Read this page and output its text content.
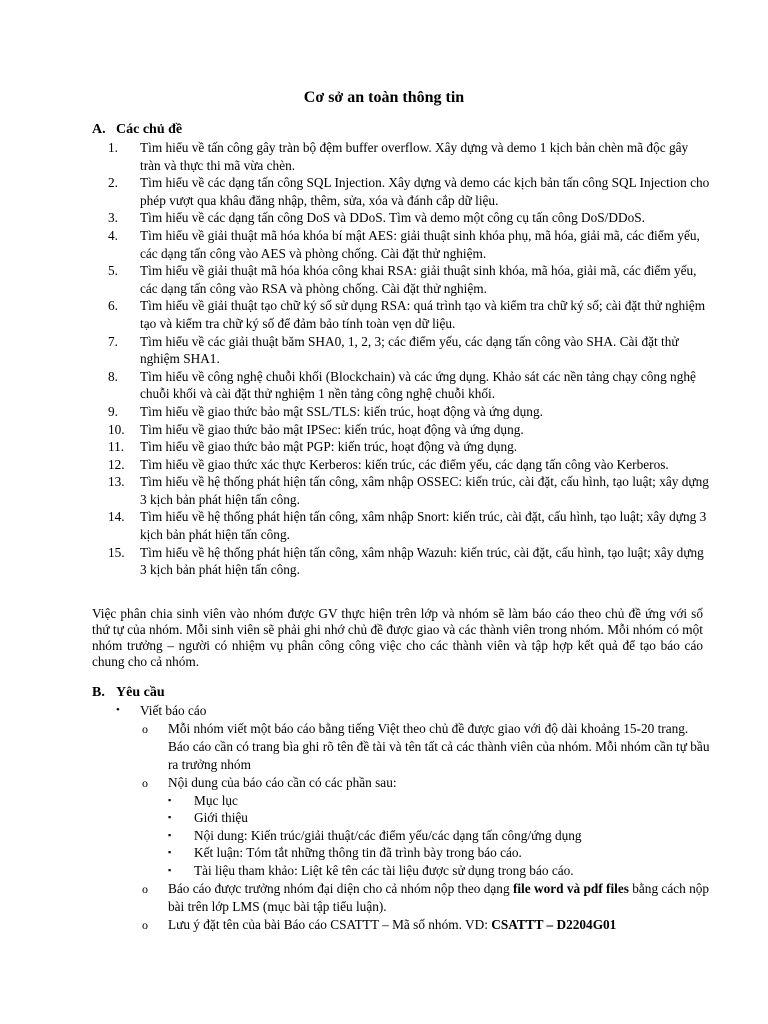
Cơ sở an toàn thông tin
A. Các chủ đề
1. Tìm hiểu về tấn công gây tràn bộ đệm buffer overflow. Xây dựng và demo 1 kịch bản chèn mã độc gây tràn và thực thi mã vừa chèn.
2. Tìm hiểu về các dạng tấn công SQL Injection. Xây dựng và demo các kịch bản tấn công SQL Injection cho phép vượt qua khâu đăng nhập, thêm, sửa, xóa và đánh cắp dữ liệu.
3. Tìm hiểu về các dạng tấn công DoS và DDoS. Tìm và demo một công cụ tấn công DoS/DDoS.
4. Tìm hiểu về giải thuật mã hóa khóa bí mật AES: giải thuật sinh khóa phụ, mã hóa, giải mã, các điểm yếu, các dạng tấn công vào AES và phòng chống. Cài đặt thử nghiệm.
5. Tìm hiểu về giải thuật mã hóa khóa công khai RSA: giải thuật sinh khóa, mã hóa, giải mã, các điểm yếu, các dạng tấn công vào RSA và phòng chống. Cài đặt thử nghiệm.
6. Tìm hiểu về giải thuật tạo chữ ký số sử dụng RSA: quá trình tạo và kiểm tra chữ ký số; cài đặt thử nghiệm tạo và kiểm tra chữ ký số để đảm bảo tính toàn vẹn dữ liệu.
7. Tìm hiểu về các giải thuật băm SHA0, 1, 2, 3; các điểm yếu, các dạng tấn công vào SHA. Cài đặt thử nghiệm SHA1.
8. Tìm hiểu về công nghệ chuỗi khối (Blockchain) và các ứng dụng. Khảo sát các nền tảng chạy công nghệ chuỗi khối và cài đặt thử nghiệm 1 nền tảng công nghệ chuỗi khối.
9. Tìm hiểu về giao thức bảo mật SSL/TLS: kiến trúc, hoạt động và ứng dụng.
10. Tìm hiểu về giao thức bảo mật IPSec: kiến trúc, hoạt động và ứng dụng.
11. Tìm hiểu về giao thức bảo mật PGP: kiến trúc, hoạt động và ứng dụng.
12. Tìm hiểu về giao thức xác thực Kerberos: kiến trúc, các điểm yếu, các dạng tấn công vào Kerberos.
13. Tìm hiểu về hệ thống phát hiện tấn công, xâm nhập OSSEC: kiến trúc, cài đặt, cấu hình, tạo luật; xây dựng 3 kịch bản phát hiện tấn công.
14. Tìm hiểu về hệ thống phát hiện tấn công, xâm nhập Snort: kiến trúc, cài đặt, cấu hình, tạo luật; xây dựng 3 kịch bản phát hiện tấn công.
15. Tìm hiểu về hệ thống phát hiện tấn công, xâm nhập Wazuh: kiến trúc, cài đặt, cấu hình, tạo luật; xây dựng 3 kịch bản phát hiện tấn công.
Việc phân chia sinh viên vào nhóm được GV thực hiện trên lớp và nhóm sẽ làm báo cáo theo chủ đề ứng với số thứ tự của nhóm. Mỗi sinh viên sẽ phải ghi nhớ chủ đề được giao và các thành viên trong nhóm. Mỗi nhóm có một nhóm trưởng – người có nhiệm vụ phân công công việc cho các thành viên và tập hợp kết quả để tạo báo cáo chung cho cả nhóm.
B. Yêu cầu
• Viết báo cáo
o Mỗi nhóm viết một báo cáo bằng tiếng Việt theo chủ đề được giao với độ dài khoảng 15-20 trang. Báo cáo cần có trang bìa ghi rõ tên đề tài và tên tất cả các thành viên của nhóm. Mỗi nhóm cần tự bầu ra trưởng nhóm
o Nội dung của báo cáo cần có các phần sau:
▪ Mục lục
▪ Giới thiệu
▪ Nội dung: Kiến trúc/giải thuật/các điểm yếu/các dạng tấn công/ứng dụng
▪ Kết luận: Tóm tắt những thông tin đã trình bày trong báo cáo.
▪ Tài liệu tham khảo: Liệt kê tên các tài liệu được sử dụng trong báo cáo.
o Báo cáo được trưởng nhóm đại diện cho cả nhóm nộp theo dạng file word và pdf files bằng cách nộp bài trên lớp LMS (mục bài tập tiểu luận).
o Lưu ý đặt tên của bài Báo cáo CSATTT – Mã số nhóm. VD: CSATTT – D2204G01
